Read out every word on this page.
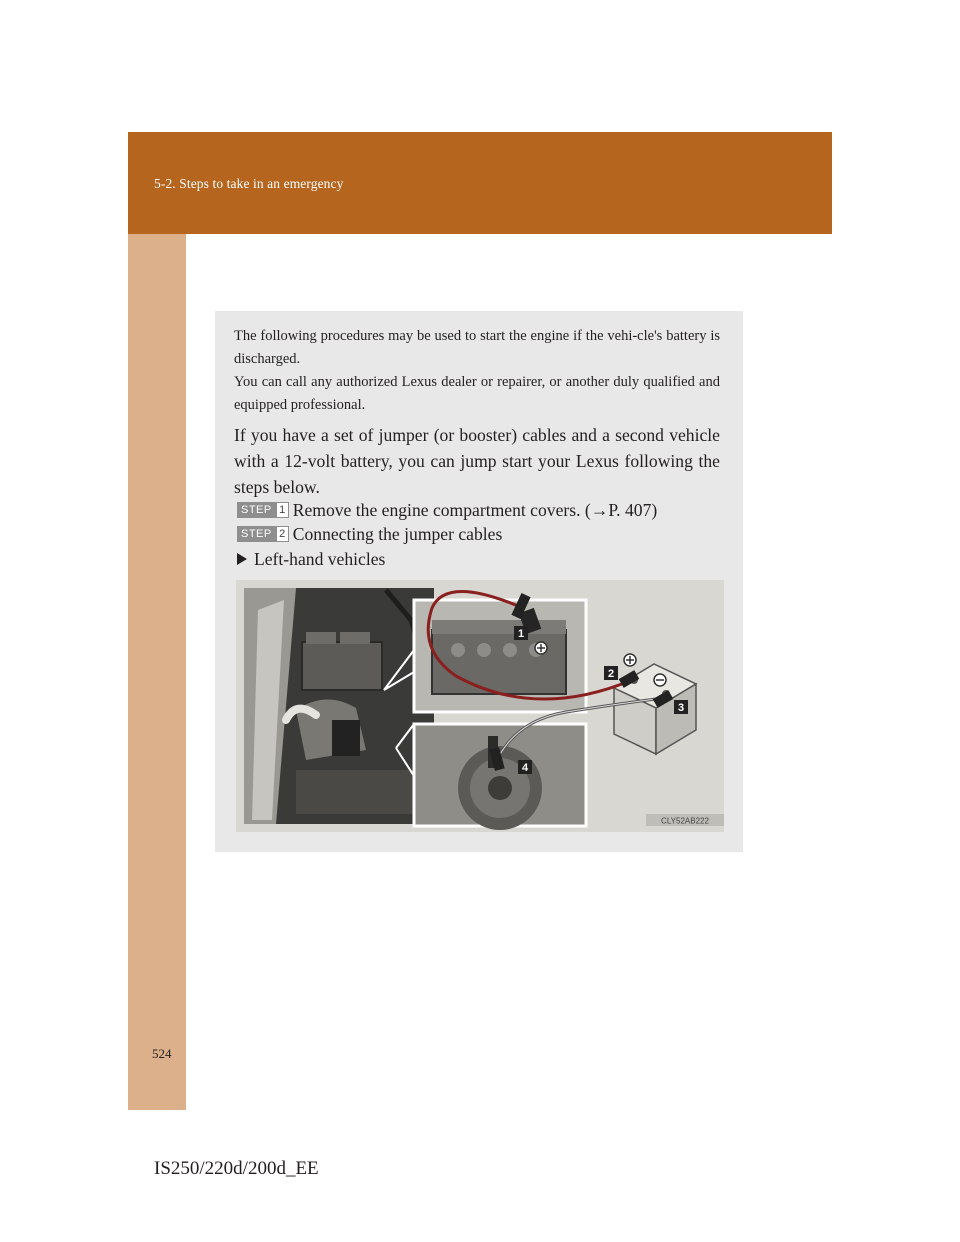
5-2. Steps to take in an emergency
524

The following procedures may be used to start the engine if the vehi-cle's battery is discharged.

You can call any authorized Lexus dealer or repairer, or another duly qualified and equipped professional.

If you have a set of jumper (or booster) cables and a second vehicle with a 12-volt battery, you can jump start your Lexus following the steps below.

STEP 1 Remove the engine compartment covers. (→P. 407)
STEP 2 Connecting the jumper cables
Left-hand vehicles
1
2
3
4
CLY52AB222
IS250/220d/200d_EE
